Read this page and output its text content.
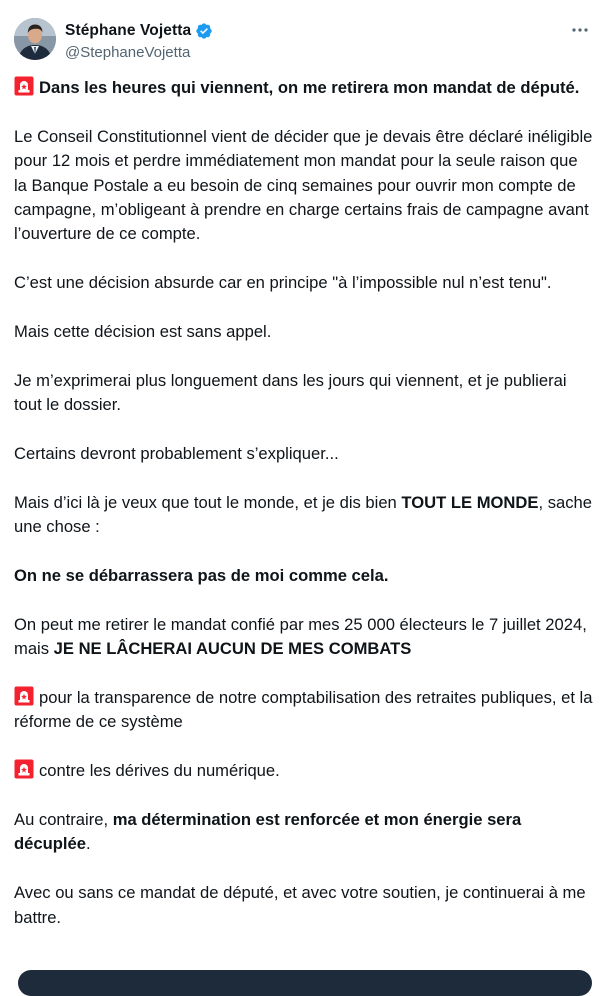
Stéphane Vojetta
@StephaneVojetta

Dans les heures qui viennent, on me retirera mon mandat de député.

Le Conseil Constitutionnel vient de décider que je devais être déclaré inéligible pour 12 mois et perdre immédiatement mon mandat pour la seule raison que la Banque Postale a eu besoin de cinq semaines pour ouvrir mon compte de campagne, m’obligeant à prendre en charge certains frais de campagne avant l’ouverture de ce compte.

C’est une décision absurde car en principe "à l’impossible nul n’est tenu".

Mais cette décision est sans appel.

Je m’exprimerai plus longuement dans les jours qui viennent, et je publierai tout le dossier.

Certains devront probablement s’expliquer...

Mais d’ici là je veux que tout le monde, et je dis bien TOUT LE MONDE, sache une chose :

On ne se débarrassera pas de moi comme cela.

On peut me retirer le mandat confié par mes 25 000 électeurs le 7 juillet 2024, mais JE NE LÂCHERAI AUCUN DE MES COMBATS

pour la transparence de notre comptabilisation des retraites publiques, et la réforme de ce système

contre les dérives du numérique.

Au contraire, ma détermination est renforcée et mon énergie sera décuplée.

Avec ou sans ce mandat de député, et avec votre soutien, je continuerai à me battre.
